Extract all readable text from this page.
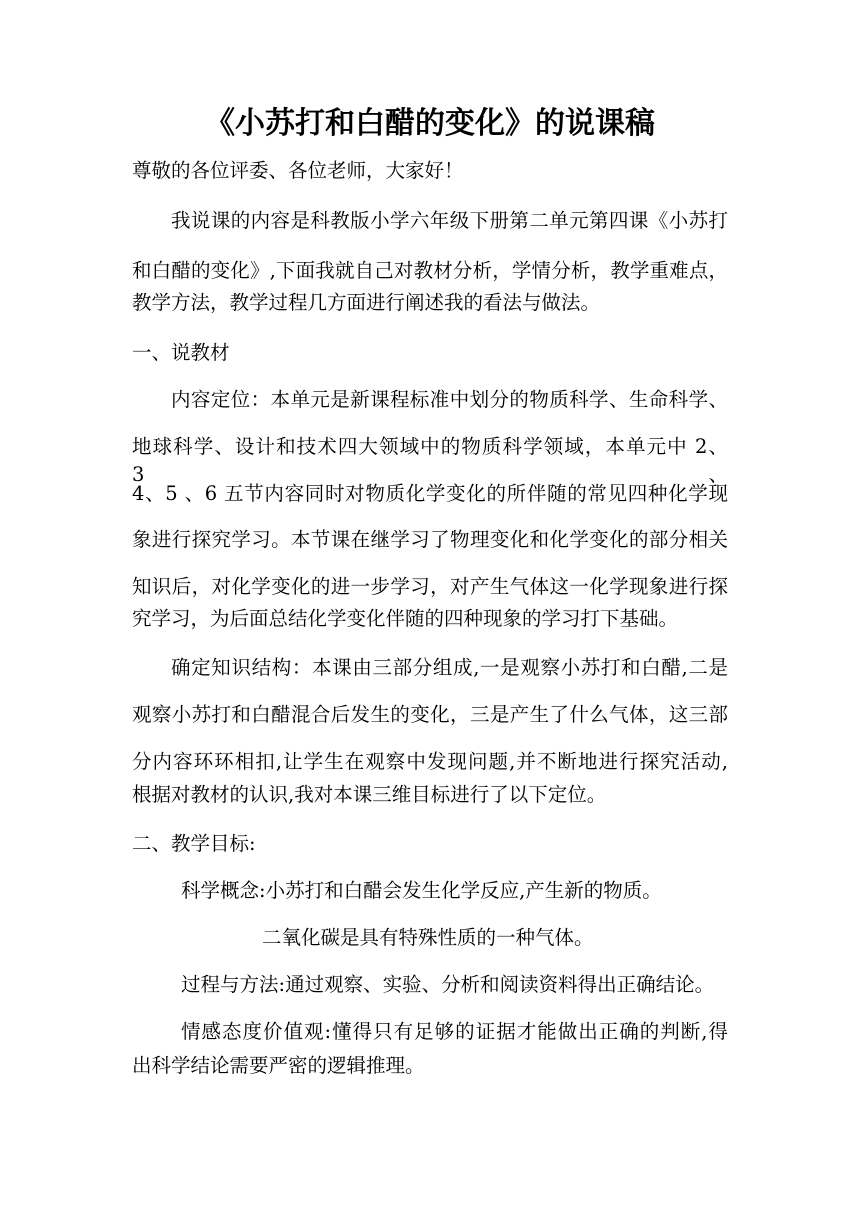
《小苏打和白醋的变化》的说课稿
尊敬的各位评委、各位老师，大家好！
我说课的内容是科教版小学六年级下册第二单元第四课《小苏打
和白醋的变化》,下面我就自己对教材分析，学情分析，教学重难点，
教学方法，教学过程几方面进行阐述我的看法与做法。
一、说教材
内容定位：本单元是新课程标准中划分的物质科学、生命科学、
地球科学、设计和技术四大领域中的物质科学领域，本单元中 2、 3、
4、5 、6 五节内容同时对物质化学变化的所伴随的常见四种化学现
象进行探究学习。本节课在继学习了物理变化和化学变化的部分相关
知识后，对化学变化的进一步学习，对产生气体这一化学现象进行探
究学习，为后面总结化学变化伴随的四种现象的学习打下基础。
确定知识结构：本课由三部分组成,一是观察小苏打和白醋,二是
观察小苏打和白醋混合后发生的变化，三是产生了什么气体，这三部
分内容环环相扣,让学生在观察中发现问题,并不断地进行探究活动,
根据对教材的认识,我对本课三维目标进行了以下定位。
二、教学目标:
科学概念:小苏打和白醋会发生化学反应,产生新的物质。
二氧化碳是具有特殊性质的一种气体。
过程与方法:通过观察、实验、分析和阅读资料得出正确结论。
情感态度价值观:懂得只有足够的证据才能做出正确的判断,得
出科学结论需要严密的逻辑推理。
